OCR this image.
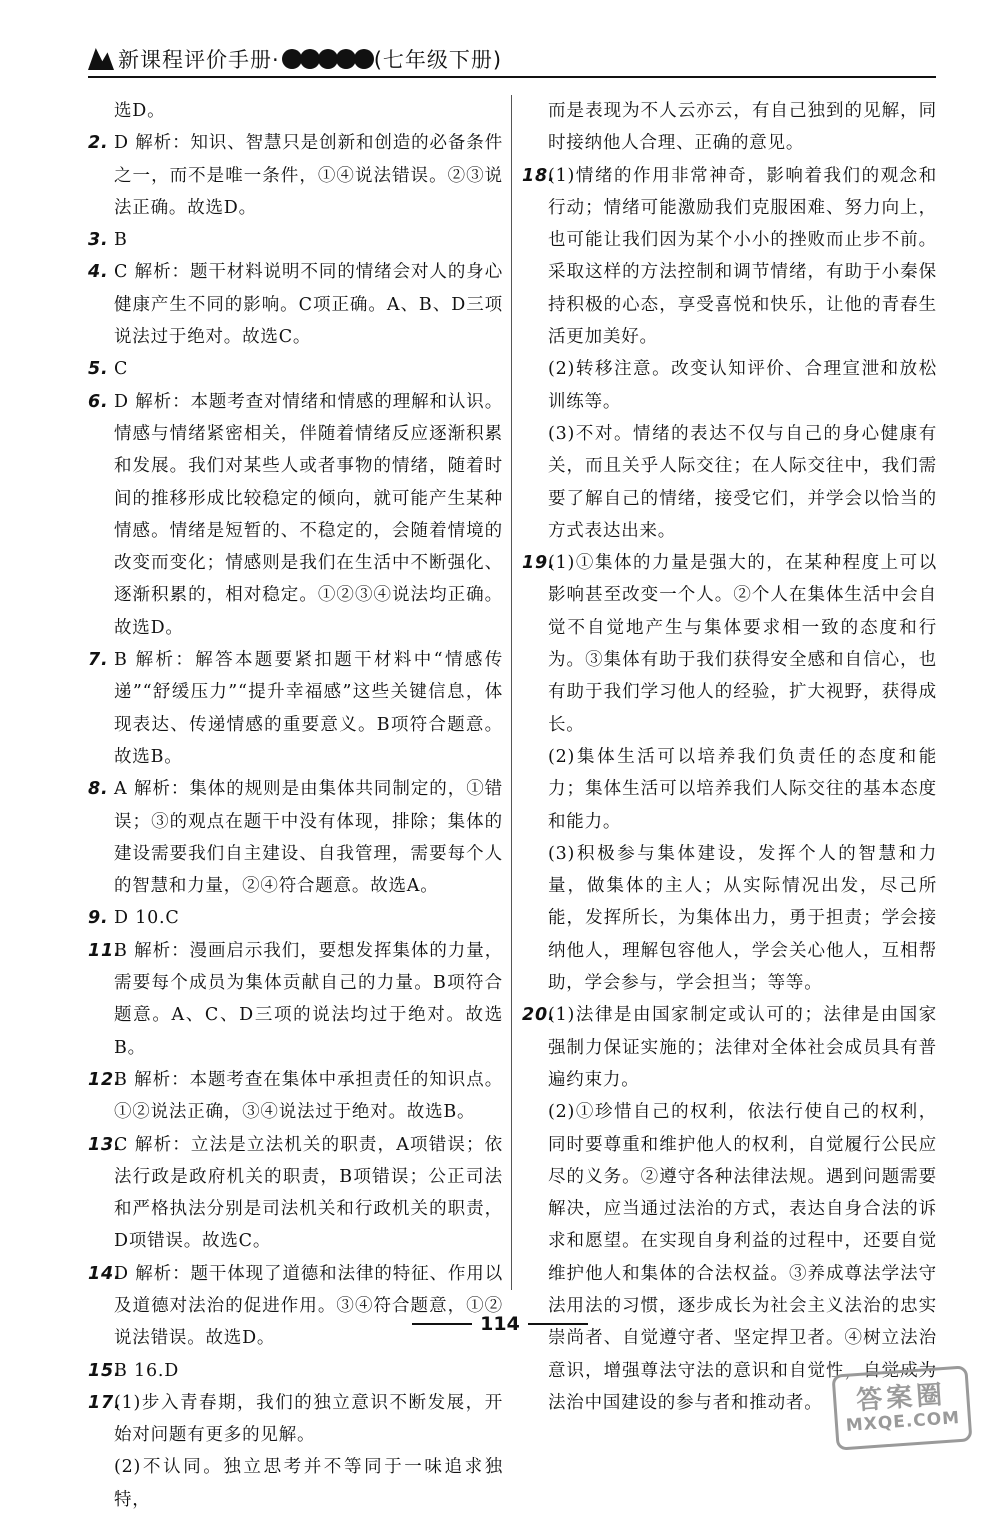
新课程评价手册·	(七年级下册)
选D。
2. D 解析：知识、智慧只是创新和创造的必备条件之一，而不是唯一条件，①④说法错误。②③说法正确。故选D。
3. B
4. C 解析：题干材料说明不同的情绪会对人的身心健康产生不同的影响。C项正确。A、B、D三项说法过于绝对。故选C。
5. C
6. D 解析：本题考查对情绪和情感的理解和认识。情感与情绪紧密相关，伴随着情绪反应逐渐积累和发展。我们对某些人或者事物的情绪，随着时间的推移形成比较稳定的倾向，就可能产生某种情感。情绪是短暂的、不稳定的，会随着情境的改变而变化；情感则是我们在生活中不断强化、逐渐积累的，相对稳定。①②③④说法均正确。故选D。
7. B 解析：解答本题要紧扣题干材料中“情感传递”“舒缓压力”“提升幸福感”这些关键信息，体现表达、传递情感的重要意义。B项符合题意。故选B。
8. A 解析：集体的规则是由集体共同制定的，①错误；③的观点在题干中没有体现，排除；集体的建设需要我们自主建设、自我管理，需要每个人的智慧和力量，②④符合题意。故选A。
9. D 10.C
11.
B 解析：漫画启示我们，要想发挥集体的力量，需要每个成员为集体贡献自己的力量。B项符合题意。A、C、D三项的说法均过于绝对。故选B。
12.
B 解析：本题考查在集体中承担责任的知识点。①②说法正确，③④说法过于绝对。故选B。
13.
C 解析：立法是立法机关的职责，A项错误；依法行政是政府机关的职责，B项错误；公正司法和严格执法分别是司法机关和行政机关的职责，D项错误。故选C。
14.
D 解析：题干体现了道德和法律的特征、作用以及道德对法治的促进作用。③④符合题意，①②说法错误。故选D。
15.
B 16.D
17.
(1)步入青春期，我们的独立意识不断发展，开始对问题有更多的见解。
(2)不认同。独立思考并不等同于一味追求独特，
而是表现为不人云亦云，有自己独到的见解，同时接纳他人合理、正确的意见。
18.
(1)情绪的作用非常神奇，影响着我们的观念和行动；情绪可能激励我们克服困难、努力向上，也可能让我们因为某个小小的挫败而止步不前。采取这样的方法控制和调节情绪，有助于小秦保持积极的心态，享受喜悦和快乐，让他的青春生活更加美好。
(2)转移注意。改变认知评价、合理宣泄和放松训练等。
(3)不对。情绪的表达不仅与自己的身心健康有关，而且关乎人际交往；在人际交往中，我们需要了解自己的情绪，接受它们，并学会以恰当的方式表达出来。
19.
(1)①集体的力量是强大的，在某种程度上可以影响甚至改变一个人。②个人在集体生活中会自觉不自觉地产生与集体要求相一致的态度和行为。③集体有助于我们获得安全感和自信心，也有助于我们学习他人的经验，扩大视野，获得成长。
(2)集体生活可以培养我们负责任的态度和能力；集体生活可以培养我们人际交往的基本态度和能力。
(3)积极参与集体建设，发挥个人的智慧和力量，做集体的主人；从实际情况出发，尽己所能，发挥所长，为集体出力，勇于担责；学会接纳他人，理解包容他人，学会关心他人，互相帮助，学会参与，学会担当；等等。
20.
(1)法律是由国家制定或认可的；法律是由国家强制力保证实施的；法律对全体社会成员具有普遍约束力。
(2)①珍惜自己的权利，依法行使自己的权利，同时要尊重和维护他人的权利，自觉履行公民应尽的义务。②遵守各种法律法规。遇到问题需要解决，应当通过法治的方式，表达自身合法的诉求和愿望。在实现自身利益的过程中，还要自觉维护他人和集体的合法权益。③养成尊法学法守法用法的习惯，逐步成长为社会主义法治的忠实崇尚者、自觉遵守者、坚定捍卫者。④树立法治意识，增强尊法守法的意识和自觉性，自觉成为法治中国建设的参与者和推动者。
114
答案圈
MXQE.COM
